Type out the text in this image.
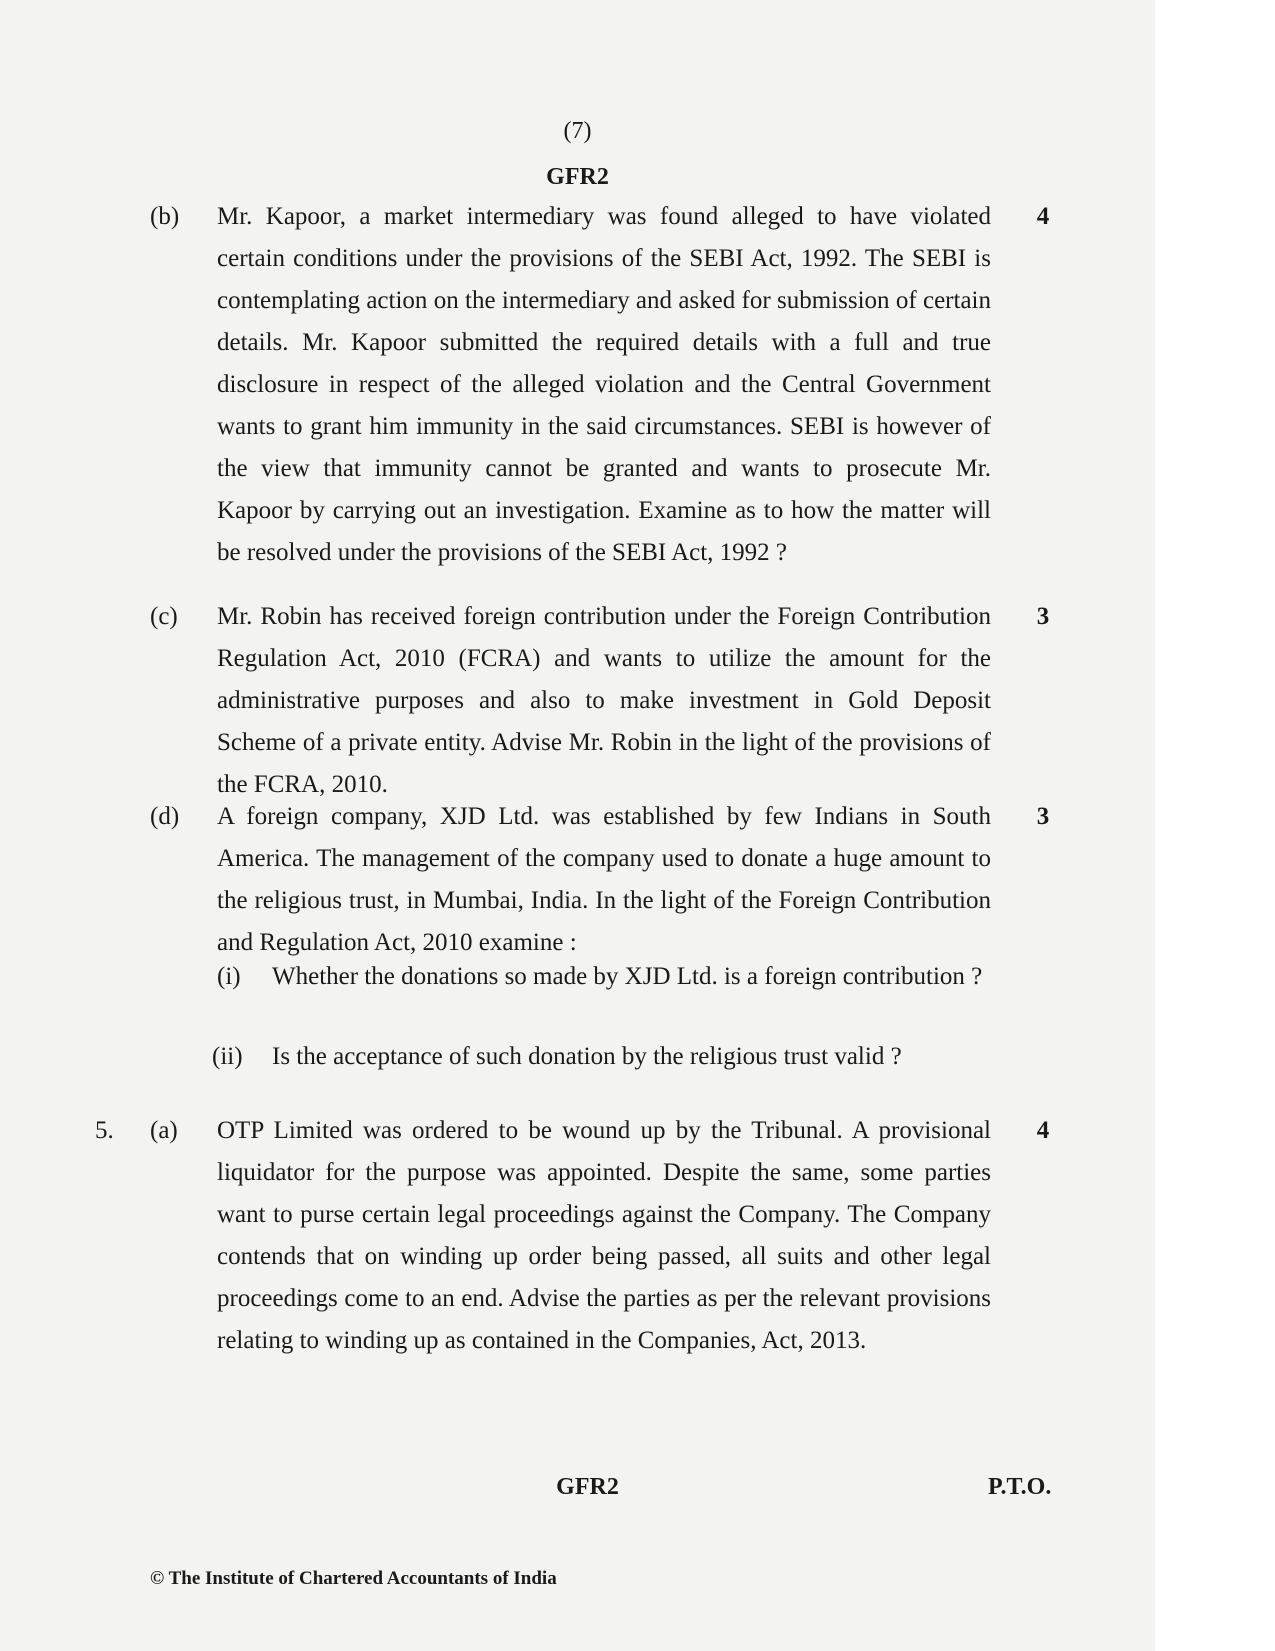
(7)
GFR2
(b) Mr. Kapoor, a market intermediary was found alleged to have violated certain conditions under the provisions of the SEBI Act, 1992. The SEBI is contemplating action on the intermediary and asked for submission of certain details. Mr. Kapoor submitted the required details with a full and true disclosure in respect of the alleged violation and the Central Government wants to grant him immunity in the said circumstances. SEBI is however of the view that immunity cannot be granted and wants to prosecute Mr. Kapoor by carrying out an investigation. Examine as to how the matter will be resolved under the provisions of the SEBI Act, 1992 ?

4
(c) Mr. Robin has received foreign contribution under the Foreign Contribution Regulation Act, 2010 (FCRA) and wants to utilize the amount for the administrative purposes and also to make investment in Gold Deposit Scheme of a private entity. Advise Mr. Robin in the light of the provisions of the FCRA, 2010.

3
(d) A foreign company, XJD Ltd. was established by few Indians in South America. The management of the company used to donate a huge amount to the religious trust, in Mumbai, India. In the light of the Foreign Contribution and Regulation Act, 2010 examine :

3
(i) Whether the donations so made by XJD Ltd. is a foreign contribution ?

(ii) Is the acceptance of such donation by the religious trust valid ?

5. (a) OTP Limited was ordered to be wound up by the Tribunal. A provisional liquidator for the purpose was appointed. Despite the same, some parties want to purse certain legal proceedings against the Company. The Company contends that on winding up order being passed, all suits and other legal proceedings come to an end. Advise the parties as per the relevant provisions relating to winding up as contained in the Companies, Act, 2013.

4
GFR2	P.T.O.
© The Institute of Chartered Accountants of India
